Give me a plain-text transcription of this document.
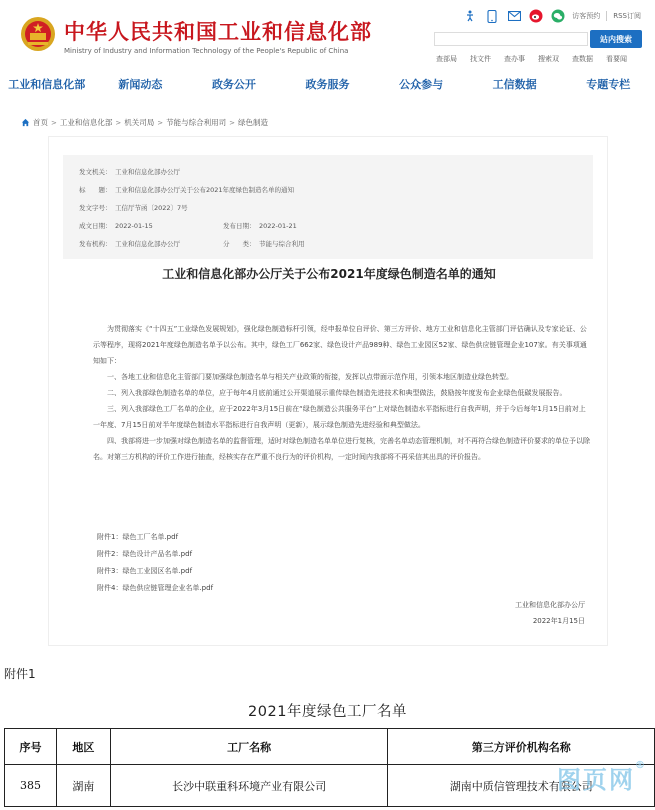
中华人民共和国工业和信息化部
Ministry of Industry and Information Technology of the People's Republic of China
访客预约 RSS订阅
站内搜索
查部局 找文件 查办事 搜索双 查数据 看要闻
工业和信息化部	新闻动态	政务公开	政务服务	公众参与	工信数据	专题专栏
首页 > 工业和信息化部 > 机关司局 > 节能与综合利用司 > 绿色制造
发文机关： 工业和信息化部办公厅
标　　题： 工业和信息化部办公厅关于公布2021年度绿色制造名单的通知
发文字号： 工信厅节函〔2022〕7号
成文日期： 2022-01-15	发布日期： 2022-01-21
发布机构： 工业和信息化部办公厅	分　　类： 节能与综合利用
工业和信息化部办公厅关于公布2021年度绿色制造名单的通知

为贯彻落实《“十四五”工业绿色发展规划》，强化绿色制造标杆引领，经申报单位自评价、第三方评价、地方工业和信息化主管部门评估确认及专家论证、公示等程序，现将2021年度绿色制造名单予以公布。其中，绿色工厂662家、绿色设计产品989种、绿色工业园区52家、绿色供应链管理企业107家。有关事项通知如下：

一、各地工业和信息化主管部门要加强绿色制造名单与相关产业政策的衔接，发挥以点带面示范作用，引领本地区制造业绿色转型。

二、列入我部绿色制造名单的单位，应于每年4月底前通过公开渠道展示重传绿色制造先进技术和典型做法，鼓励按年度发布企业绿色低碳发展报告。

三、列入我部绿色工厂名单的企业，应于2022年3月15日前在“绿色制造公共服务平台”上对绿色制造水平指标进行自我声明，并于今后每年1月15日前对上一年度、7月15日前对半年度绿色制造水平指标进行自我声明（更新），展示绿色制造先进经验和典型做法。

四、我部将进一步加强对绿色制造名单的监督管理，适时对绿色制造名单单位进行复核，完善名单动态管理机制，对不再符合绿色制造评价要求的单位予以除名。对第三方机构的评价工作进行抽查，经核实存在严重不良行为的评价机构，一定时间内我部将不再采信其出具的评价报告。

附件1：绿色工厂名单.pdf
附件2：绿色设计产品名单.pdf
附件3：绿色工业园区名单.pdf
附件4：绿色供应链管理企业名单.pdf
工业和信息化部办公厅
2022年1月15日
附件1
2021年度绿色工厂名单
序号	地区	工厂名称	第三方评价机构名称
385	湖南	长沙中联重科环境产业有限公司	湖南中质信管理技术有限公司
图页网®
